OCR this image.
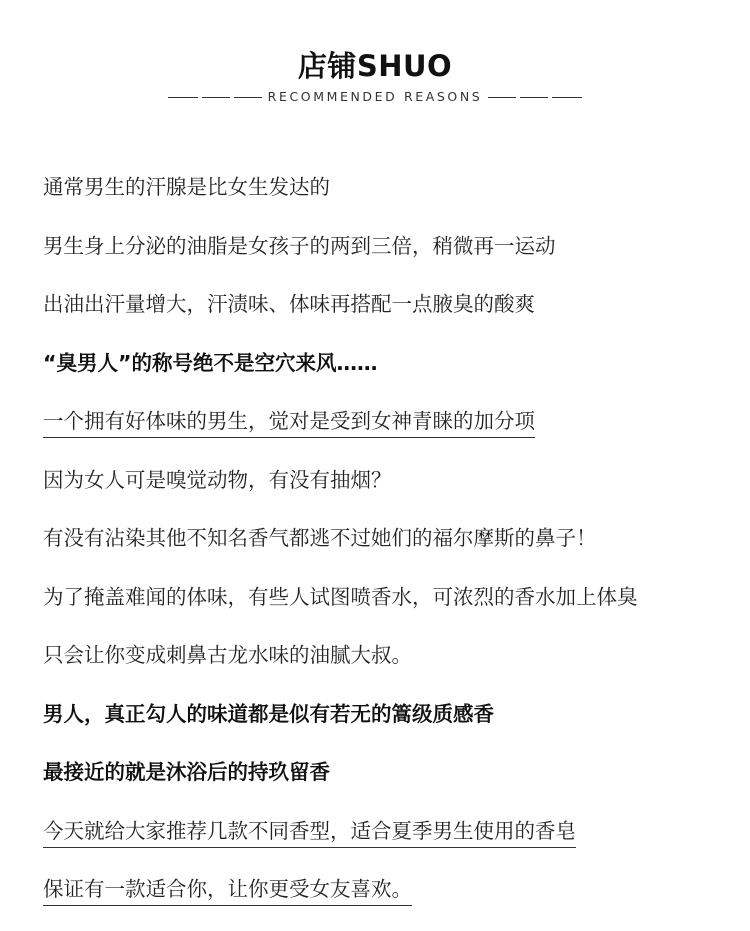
店铺SHUO
RECOMMENDED REASONS
通常男生的汗腺是比女生发达的
男生身上分泌的油脂是女孩子的两到三倍，稍微再一运动
出油出汗量增大，汗渍味、体味再搭配一点腋臭的酸爽
“臭男人”的称号绝不是空穴来风……
一个拥有好体味的男生，觉对是受到女神青睐的加分项
因为女人可是嗅觉动物，有没有抽烟？
有没有沾染其他不知名香气都逃不过她们的福尔摩斯的鼻子！
为了掩盖难闻的体味，有些人试图喷香水，可浓烈的香水加上体臭
只会让你变成刺鼻古龙水味的油腻大叔。
男人，真正勾人的味道都是似有若无的篙级质感香
最接近的就是沐浴后的持玖留香
今天就给大家推荐几款不同香型，适合夏季男生使用的香皂
保证有一款适合你，让你更受女友喜欢。
